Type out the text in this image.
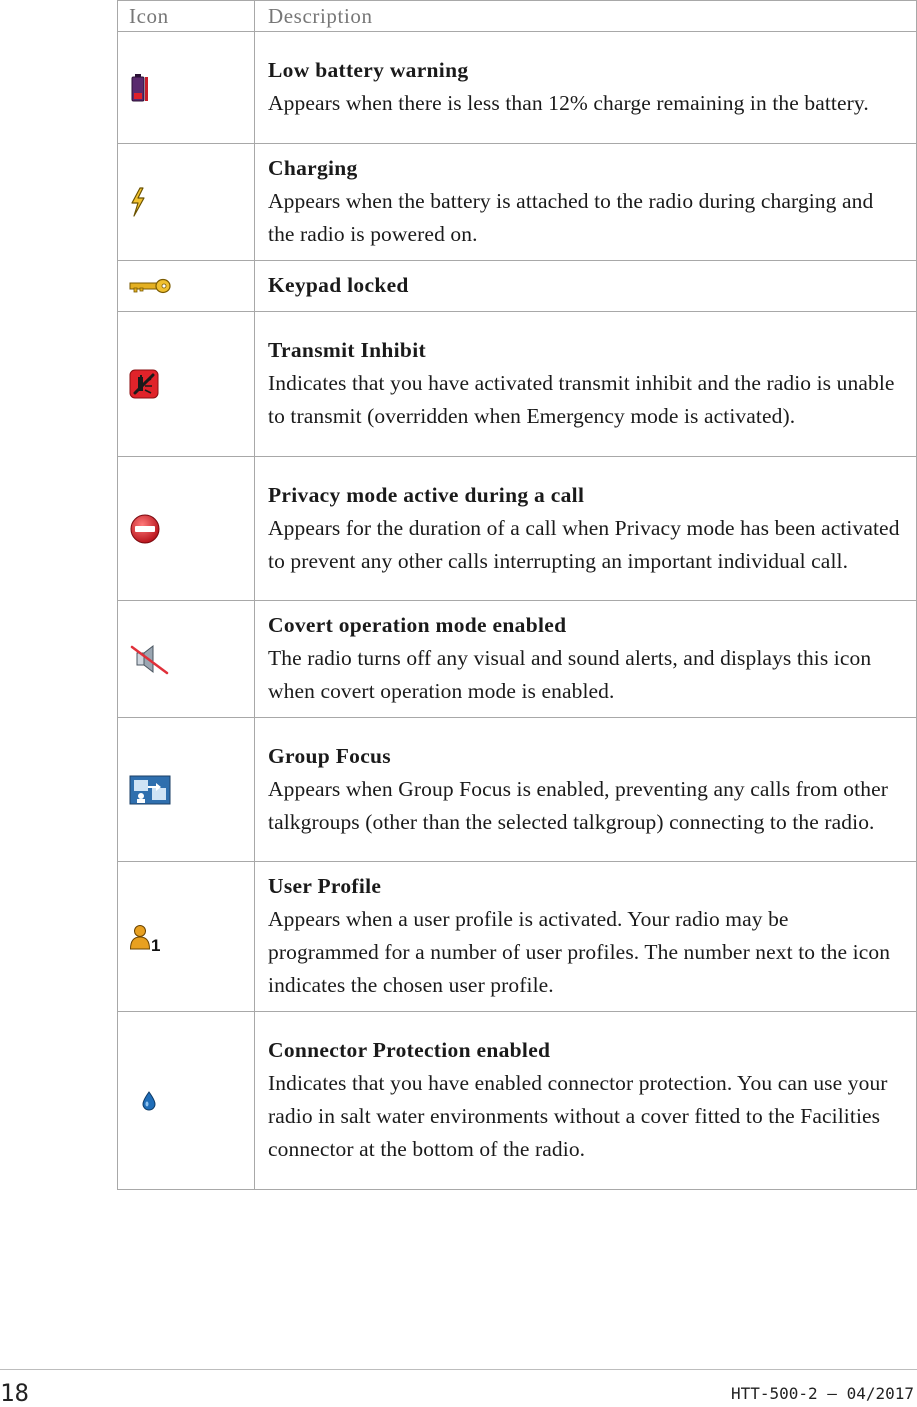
Icon	Description

Low battery warning
Appears when there is less than 12% charge remaining in the battery.

Charging
Appears when the battery is attached to the radio during charging and the radio is powered on.

Keypad locked

Transmit Inhibit
Indicates that you have activated transmit inhibit and the radio is unable to transmit (overridden when Emergency mode is activated).

Privacy mode active during a call
Appears for the duration of a call when Privacy mode has been activated to prevent any other calls interrupting an important individual call.

Covert operation mode enabled
The radio turns off any visual and sound alerts, and displays this icon when covert operation mode is enabled.

Group Focus
Appears when Group Focus is enabled, preventing any calls from other talkgroups (other than the selected talkgroup) connecting to the radio.

1	User Profile
Appears when a user profile is activated. Your radio may be programmed for a number of user profiles. The number next to the icon indicates the chosen user profile.

Connector Protection enabled
Indicates that you have enabled connector protection. You can use your radio in salt water environments without a cover fitted to the Facilities connector at the bottom of the radio.
18	HTT-500-2 – 04/2017
